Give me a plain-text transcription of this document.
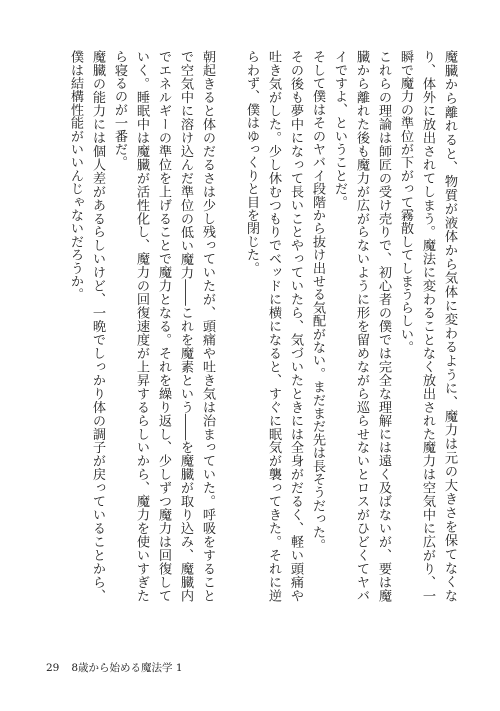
魔臓から離れると、物質が液体から気体に変わるように、魔力は元の大きさを保てなくなり、体外に放出されてしまう。魔法に変わることなく放出された魔力は空気中に広がり、一瞬で魔力の準位が下がって霧散してしまうらしい。

これらの理論は師匠の受け売りで、初心者の僕では完全な理解には遠く及ばないが、要は魔臓から離れた後も魔力が広がらないように形を留めながら巡らせないとロスがひどくてヤバイですよ、ということだ。

そして僕はそのヤバイ段階から抜け出せる気配がない。まだまだ先は長そうだった。

その後も夢中になって長いことやっていたら、気づいたときには全身がだるく、軽い頭痛や吐き気がした。少し休むつもりでベッドに横になると、すぐに眠気が襲ってきた。それに逆らわず、僕はゆっくりと目を閉じた。

朝起きると体のだるさは少し残っていたが、頭痛や吐き気は治まっていた。呼吸をすることで空気中に溶け込んだ準位の低い魔力――これを魔素という――を魔臓が取り込み、魔臓内でエネルギーの準位を上げることで魔力となる。それを繰り返し、少しずつ魔力は回復していく。睡眠中は魔臓が活性化し、魔力の回復速度が上昇するらしいから、魔力を使いすぎたら寝るのが一番だ。

魔臓の能力には個人差があるらしいけど、一晩でしっかり体の調子が戻っていることから、僕は結構性能がいいんじゃないだろうか。

29 8歳から始める魔法学 1
